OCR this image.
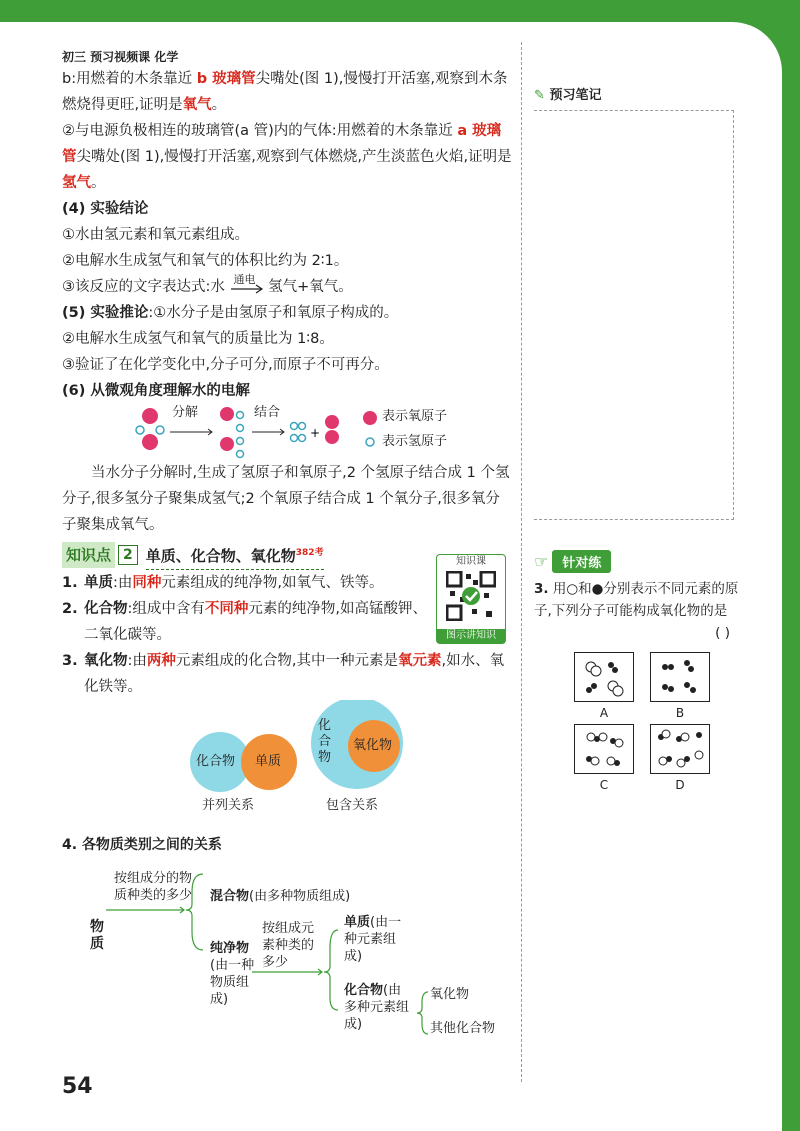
初三 预习视频课 化学

b:用燃着的木条靠近 b 玻璃管尖嘴处(图 1),慢慢打开活塞,观察到木条燃烧得更旺,证明是氧气。

②与电源负极相连的玻璃管(a 管)内的气体:用燃着的木条靠近 a 玻璃管尖嘴处(图 1),慢慢打开活塞,观察到气体燃烧,产生淡蓝色火焰,证明是氢气。

(4) 实验结论

①水由氢元素和氧元素组成。

②电解水生成氢气和氧气的体积比约为 2∶1。

③该反应的文字表达式:水 通电 氢气+氧气。

(5) 实验推论:①水分子是由氢原子和氧原子构成的。

②电解水生成氢气和氧气的质量比为 1∶8。

③验证了在化学变化中,分子可分,而原子不可再分。

(6) 从微观角度理解水的电解

+
分解	结合	表示氧原子
表示氢原子

当水分子分解时,生成了氢原子和氧原子,2 个氢原子结合成 1 个氢分子,很多氢分子聚集成氢气;2 个氧原子结合成 1 个氧分子,很多氧分子聚集成氧气。

知识点 2 单质、化合物、氧化物$^{382考}$

1. 单质:由同种元素组成的纯净物,如氧气、铁等。

2. 化合物:组成中含有不同种元素的纯净物,如高锰酸钾、二氧化碳等。

3. 氧化物:由两种元素组成的化合物,其中一种元素是氧元素,如水、氧化铁等。

化合物 单质
并列关系
化合物
氧化物
包含关系
知识课
图示讲知识
4. 各物质类别之间的关系
按组成分的物质种类的多少
物质
混合物(由多种物质组成)
纯净物(由一种物质组成)
按组成元素种类的多少
单质(由一种元素组成)
化合物(由多种元素组成)
氧化物
其他化合物
54
✎ 预习笔记
☞	针对练
3. 用○和●分别表示不同元素的原子,下列分子可能构成氧化物的是
( )
A	B
C	D
